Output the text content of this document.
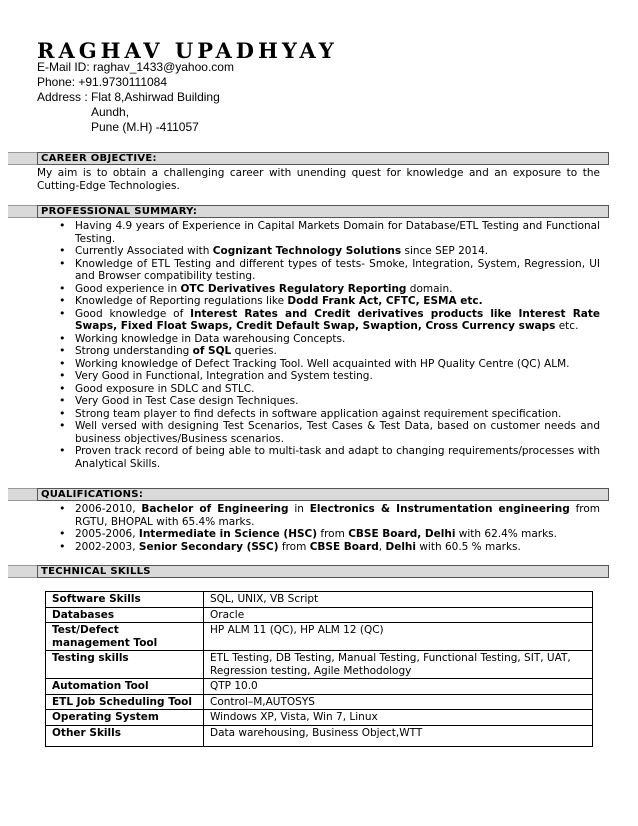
RAGHAV UPADHYAY
E-Mail ID: raghav_1433@yahoo.com
Phone: +91.9730111084
Address : Flat 8,Ashirwad Building
Aundh,
Pune (M.H) -411057
CAREER OBJECTIVE:
My aim is to obtain a challenging career with unending quest for knowledge and an exposure to the Cutting-Edge Technologies.
PROFESSIONAL SUMMARY:
• Having 4.9 years of Experience in Capital Markets Domain for Database/ETL Testing and Functional Testing.
• Currently Associated with Cognizant Technology Solutions since SEP 2014.
• Knowledge of ETL Testing and different types of tests- Smoke, Integration, System, Regression, UI and Browser compatibility testing.
• Good experience in OTC Derivatives Regulatory Reporting domain.
• Knowledge of Reporting regulations like Dodd Frank Act, CFTC, ESMA etc.
• Good knowledge of Interest Rates and Credit derivatives products like Interest Rate Swaps, Fixed Float Swaps, Credit Default Swap, Swaption, Cross Currency swaps etc.
• Working knowledge in Data warehousing Concepts.
• Strong understanding of SQL queries.
• Working knowledge of Defect Tracking Tool. Well acquainted with HP Quality Centre (QC) ALM.
• Very Good in Functional, Integration and System testing.
• Good exposure in SDLC and STLC.
• Very Good in Test Case design Techniques.
• Strong team player to find defects in software application against requirement specification.
• Well versed with designing Test Scenarios, Test Cases & Test Data, based on customer needs and business objectives/Business scenarios.
• Proven track record of being able to multi-task and adapt to changing requirements/processes with Analytical Skills.
QUALIFICATIONS:
• 2006-2010, Bachelor of Engineering in Electronics & Instrumentation engineering from RGTU, BHOPAL with 65.4% marks.
• 2005-2006, Intermediate in Science (HSC) from CBSE Board, Delhi with 62.4% marks.
• 2002-2003, Senior Secondary (SSC) from CBSE Board, Delhi with 60.5 % marks.
TECHNICAL SKILLS
Software Skills	SQL, UNIX, VB Script
Databases	Oracle
Test/Defect management Tool	HP ALM 11 (QC), HP ALM 12 (QC)
Testing skills	ETL Testing, DB Testing, Manual Testing, Functional Testing, SIT, UAT, Regression testing, Agile Methodology
Automation Tool	QTP 10.0
ETL Job Scheduling Tool	Control–M,AUTOSYS
Operating System	Windows XP, Vista, Win 7, Linux
Other Skills	Data warehousing, Business Object,WTT
